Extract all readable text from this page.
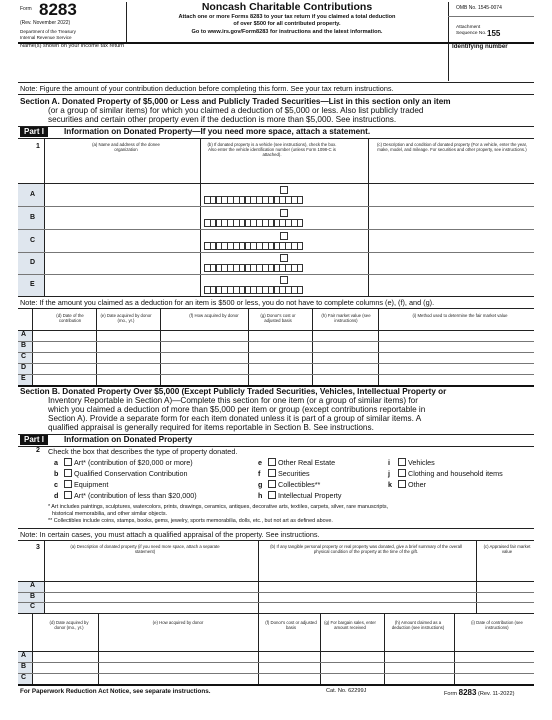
Form 8283
(Rev. November 2022)
Department of the Treasury
Internal Revenue Service
Noncash Charitable Contributions
Attach one or more Forms 8283 to your tax return if you claimed a total deduction
of over $500 for all contributed property.
Go to www.irs.gov/Form8283 for instructions and the latest information.
OMB No. 1545-0074
Attachment
Sequence No. 155
Name(s) shown on your income tax return	Identifying number
Note: Figure the amount of your contribution deduction before completing this form. See your tax return instructions.
Section A. Donated Property of $5,000 or Less and Publicly Traded Securities—List in this section only an item
(or a group of similar items) for which you claimed a deduction of $5,000 or less. Also list publicly traded
securities and certain other property even if the deduction is more than $5,000. See instructions.
Part I	Information on Donated Property—If you need more space, attach a statement.
1	(a) Name and address of the donee organization
(b) If donated property is a vehicle (see instructions), check the box. Also enter the vehicle identification number (unless Form 1098-C is attached).
(c) Description and condition of donated property (For a vehicle, enter the year, make, model, and mileage. For securities and other property, see instructions.)
A
B
C
D
E
Note: If the amount you claimed as a deduction for an item is $500 or less, you do not have to complete columns (e), (f), and (g).
(d) Date of the contribution
(e) Date acquired by donor (mo., yr.)
(f) How acquired by donor	(g) Donor's cost or adjusted basis
(h) Fair market value (see instructions)
(i) Method used to determine the fair market value
A
B
C
D
E
Section B. Donated Property Over $5,000 (Except Publicly Traded Securities, Vehicles, Intellectual Property or
Inventory Reportable in Section A)—Complete this section for one item (or a group of similar items) for
which you claimed a deduction of more than $5,000 per item or group (except contributions reportable in
Section A). Provide a separate form for each item donated unless it is part of a group of similar items. A
qualified appraisal is generally required for items reportable in Section B. See instructions.
Part I	Information on Donated Property
2 Check the box that describes the type of property donated.
a Art* (contribution of $20,000 or more)
b Qualified Conservation Contribution
c Equipment
d Art* (contribution of less than $20,000)
e Other Real Estate
f Securities
g Collectibles**
h Intellectual Property
i	Vehicles
j	Clothing and household items
k Other
* Art includes paintings, sculptures, watercolors, prints, drawings, ceramics, antiques, decorative arts, textiles, carpets, silver, rare manuscripts,
historical memorabilia, and other similar objects.
** Collectibles include coins, stamps, books, gems, jewelry, sports memorabilia, dolls, etc., but not art as defined above.
Note: In certain cases, you must attach a qualified appraisal of the property. See instructions.
3	(a) Description of donated property (if you need more space, attach a separate statement)
(b) If any tangible personal property or real property was donated, give a brief summary of the overall physical condition of the property at the time of the gift.
(c) Appraised fair market value
A
B
C
(d) Date acquired by donor (mo., yr.)
(e) How acquired by donor	(f) Donor's cost or adjusted basis
(g) For bargain sales, enter amount received
(h) Amount claimed as a deduction (see instructions)
(i) Date of contribution (see instructions)
A
B
C
For Paperwork Reduction Act Notice, see separate instructions.	Cat. No. 62299J	Form 8283 (Rev. 11-2022)
